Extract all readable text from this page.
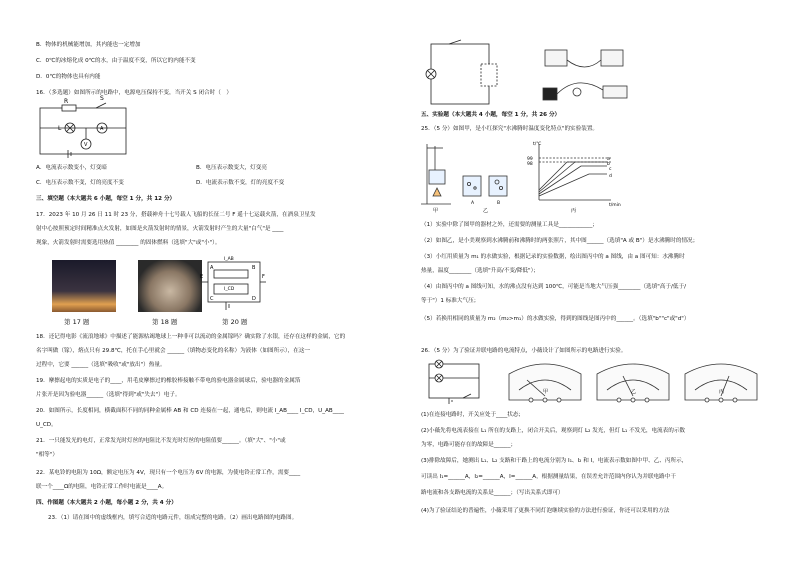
B．物体的机械能增加，其内能也一定增加
C．0℃的冰熔化成 0℃的水，由于温度不变，所以它的内能不变
D．0℃的物体也具有内能
16．（多选题）如图所示的电路中，电源电压保持不变，当开关 S 闭合时（　）
R	S
L	A
V
A．电流表示数变小，灯变暗	B．电压表示数变大，灯变亮
C．电压表示数不变，灯的亮度不变	D．电流表示数不变，灯的亮度不变
三、填空题（本大题共 6 小题，每空 1 分，共 12 分）
17．2023 年 10 月 26 日 11 时 23 分，搭载神舟十七号载人飞船的长征二号 F 遥十七运载火箭，在酒泉卫星发
射中心按照预定时间精准点火发射，如图是火箭发射时的情景，火箭发射时产生的大量"白气"是 ____
现象，火箭发射时需要选用热值 ________ 的固体燃料（选填"大"或"小"）。
A	B
C	D
E	F
I_AB
I_CD
第 17 题	第 18 题	第 20 题
18．还记得电影《流浪地球》中描述了能源枯竭地球上一种非可以流动的金属镓吗？确实除了水银，还存在这样的金属，它的
名字叫做（镓），熔点只有 29.8℃，托在手心里就会 ______（填物态变化的名称）为液体（如图所示），在这一
过程中，它要 ______（选填"吸收"或"放出"）热量。
19．摩擦起电的实质是电子的____，用毛皮摩擦过的橡胶棒接触不带电的验电器金属球后，验电器的金属箔
片张开是因为验电器______（选填"得到"或"失去"）电子。
20．如图所示，长度相同，横截面积不同的同种金属棒 AB 和 CD 连接在一起，通电后，则电流 I_AB____ I_CD，U_AB____
U_CD。
21．一只能发光的电灯，正常发光时灯丝的电阻比不发光时灯丝的电阻值要______。（填"大"、"小"或
"相等"）
22．某电铃的电阻为 10Ω，额定电压为 4V，现只有一个电压为 6V 的电源，为使电铃正常工作，需要____
联一个____Ω的电阻，电铃正常工作时电流是____A。
四、作图题（本大题共 2 小题，每小题 2 分，共 4 分）
23．（1）请在图中的虚线框内，填写合适的电路元件，组成完整的电路。（2）画出电路图的电路图。
五、实验题（本大题共 4 小题，每空 1 分，共 26 分）
25．（5 分）如图甲，是小红探究"水沸腾时温度变化特点"的实验装置。
t/℃
t/min
99
98
a
b
c
d
A	B
甲	乙	丙
（1）实验中除了图甲的器材之外，还需要的测量工具是____________；
（2）如图乙，是小美观察到水沸腾前和沸腾时的两张照片，其中图______（选填"A 或 B"）是水沸腾时的情况；
（3）小红用质量为 m₁ 的水做实验，根据记录的实验数据，绘出图丙中的 a 图线，由 a 图可知：水沸腾时
热量，温度________（选填"升高/不变/降低"）；
（4）由图丙中的 a 图线可知，水的沸点没有达到 100℃，可能是当地大气压强________（选填"高于/低于/
等于"）1 标准大气压；
（5）若换用相同的质量为 m₂（m₂>m₁）的水做实验，得到的图线是图丙中的______。（选填"b""c"或"d"）
26．（5 分）为了验证并联电路的电流特点，小薇设计了如图所示的电路进行实验。
甲	乙	丙
(1)在连接电路时，开关应处于____状态；
(2)小薇先将电流表接在 L₁ 所在的支路上，闭合开关后，观察到灯 L₂ 发光，但灯 L₁ 不发光，电流表的示数
为零，电路可能存在的故障是______；
(3)排除故障后，她测出 L₁、L₂ 支路和干路上的电流分别为 I₁、I₂ 和 I，电流表示数如图中甲、乙、丙所示，
可读出 I₁=______A，I₂=______A，I=______A，根据测量结果，在误差允许范围内你认为并联电路中干
路电流和各支路电流的关系是______；（写出关系式即可）
(4)为了验证结论的普遍性，小薇采用了更换不同灯泡继续实验的方法进行验证，你还可以采用的方法
